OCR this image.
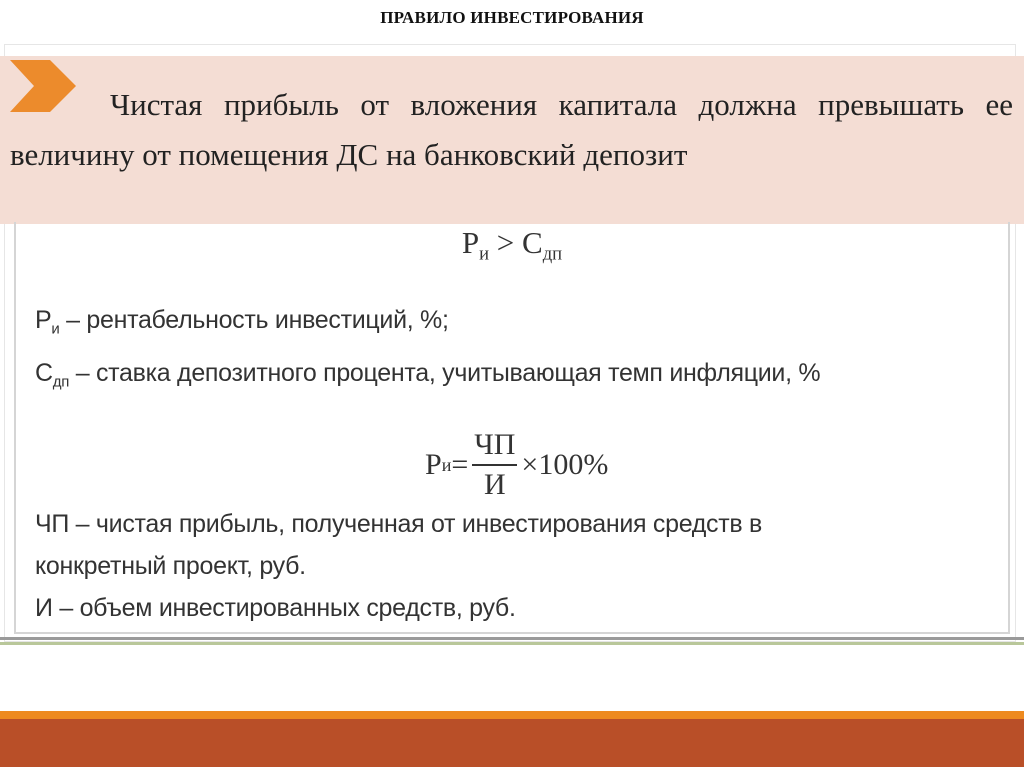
ПРАВИЛО ИНВЕСТИРОВАНИЯ
Чистая прибыль от вложения капитала должна превышать ее величину от помещения ДС на банковский депозит
$Р_и > С_{дп}$
$Р_и$ – рентабельность инвестиций, %;
$С_{дп}$ – ставка депозитного процента, учитывающая темп инфляции, %
Р $и = \frac{ЧП}{И} \times 100\%$
ЧП – чистая прибыль, полученная от инвестирования средств в
конкретный проект, руб.
И – объем инвестированных средств, руб.
